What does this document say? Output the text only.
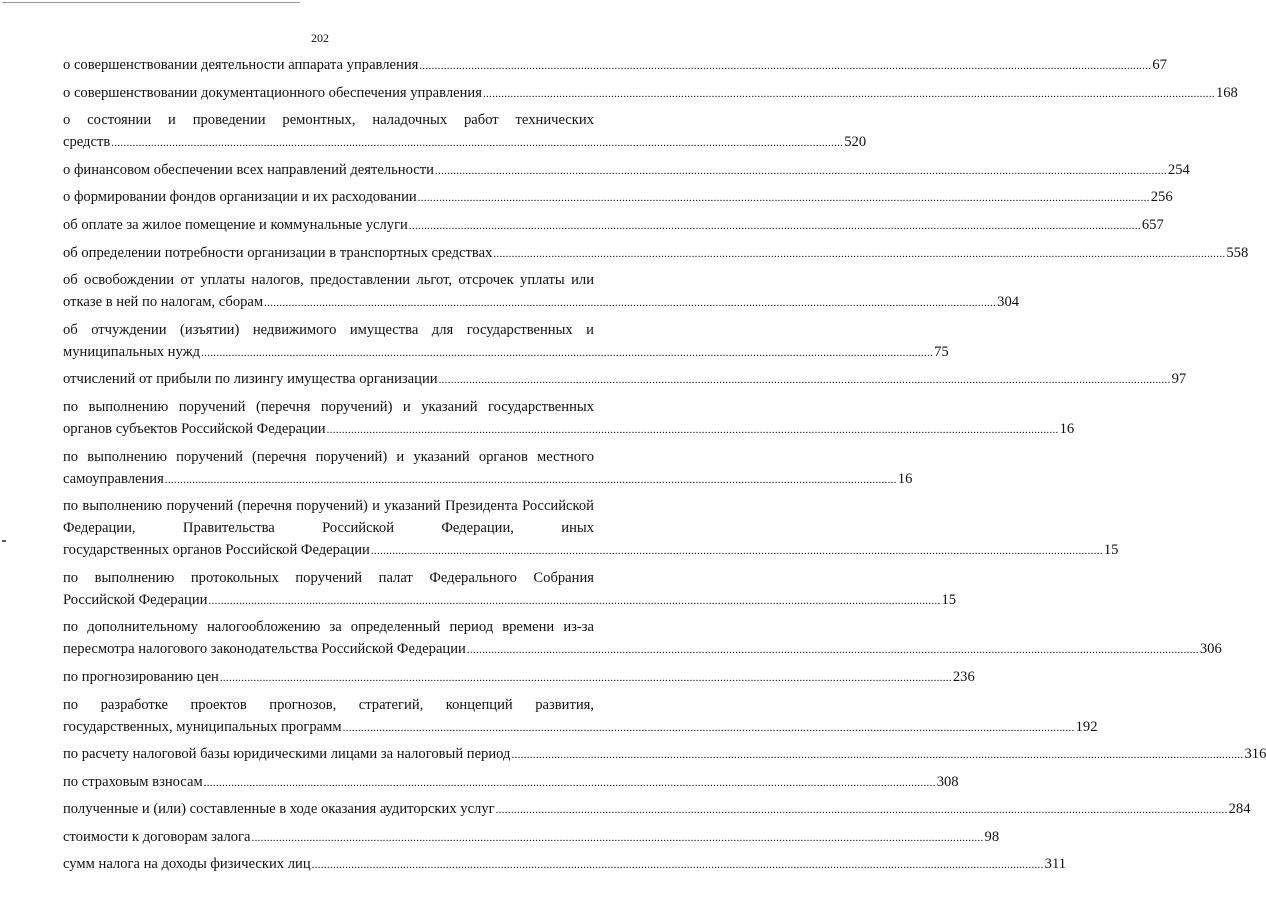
202
о совершенствовании деятельности аппарата управления ................................................................................................................................................................................................................................................ 67
о совершенствовании документационного обеспечения управления ................................................................................................................................................................................................................................................ 168
о состоянии и проведении ремонтных, наладочных работ технических
средств ................................................................................................................................................................................................................................................ 520
о финансовом обеспечении всех направлений деятельности ................................................................................................................................................................................................................................................ 254
о формировании фондов организации и их расходовании ................................................................................................................................................................................................................................................ 256
об оплате за жилое помещение и коммунальные услуги ................................................................................................................................................................................................................................................ 657
об определении потребности организации в транспортных средствах ................................................................................................................................................................................................................................................ 558
об освобождении от уплаты налогов, предоставлении льгот, отсрочек уплаты или
отказе в ней по налогам, сборам ................................................................................................................................................................................................................................................ 304
об отчуждении (изъятии) недвижимого имущества для государственных и
муниципальных нужд ................................................................................................................................................................................................................................................ 75
отчислений от прибыли по лизингу имущества организации ................................................................................................................................................................................................................................................ 97
по выполнению поручений (перечня поручений) и указаний государственных
органов субъектов Российской Федерации ................................................................................................................................................................................................................................................ 16
по выполнению поручений (перечня поручений) и указаний органов местного
самоуправления ................................................................................................................................................................................................................................................ 16
по выполнению поручений (перечня поручений) и указаний Президента Российской Федерации, Правительства Российской Федерации, иных
государственных органов Российской Федерации ................................................................................................................................................................................................................................................ 15
по выполнению протокольных поручений палат Федерального Собрания
Российской Федерации ................................................................................................................................................................................................................................................ 15
по дополнительному налогообложению за определенный период времени из-за
пересмотра налогового законодательства Российской Федерации ................................................................................................................................................................................................................................................ 306
по прогнозированию цен ................................................................................................................................................................................................................................................ 236
по разработке проектов прогнозов, стратегий, концепций развития,
государственных, муниципальных программ ................................................................................................................................................................................................................................................ 192
по расчету налоговой базы юридическими лицами за налоговый период ................................................................................................................................................................................................................................................ 316
по страховым взносам ................................................................................................................................................................................................................................................ 308
полученные и (или) составленные в ходе оказания аудиторских услуг ................................................................................................................................................................................................................................................ 284
стоимости к договорам залога ................................................................................................................................................................................................................................................ 98
сумм налога на доходы физических лиц ................................................................................................................................................................................................................................................ 311
